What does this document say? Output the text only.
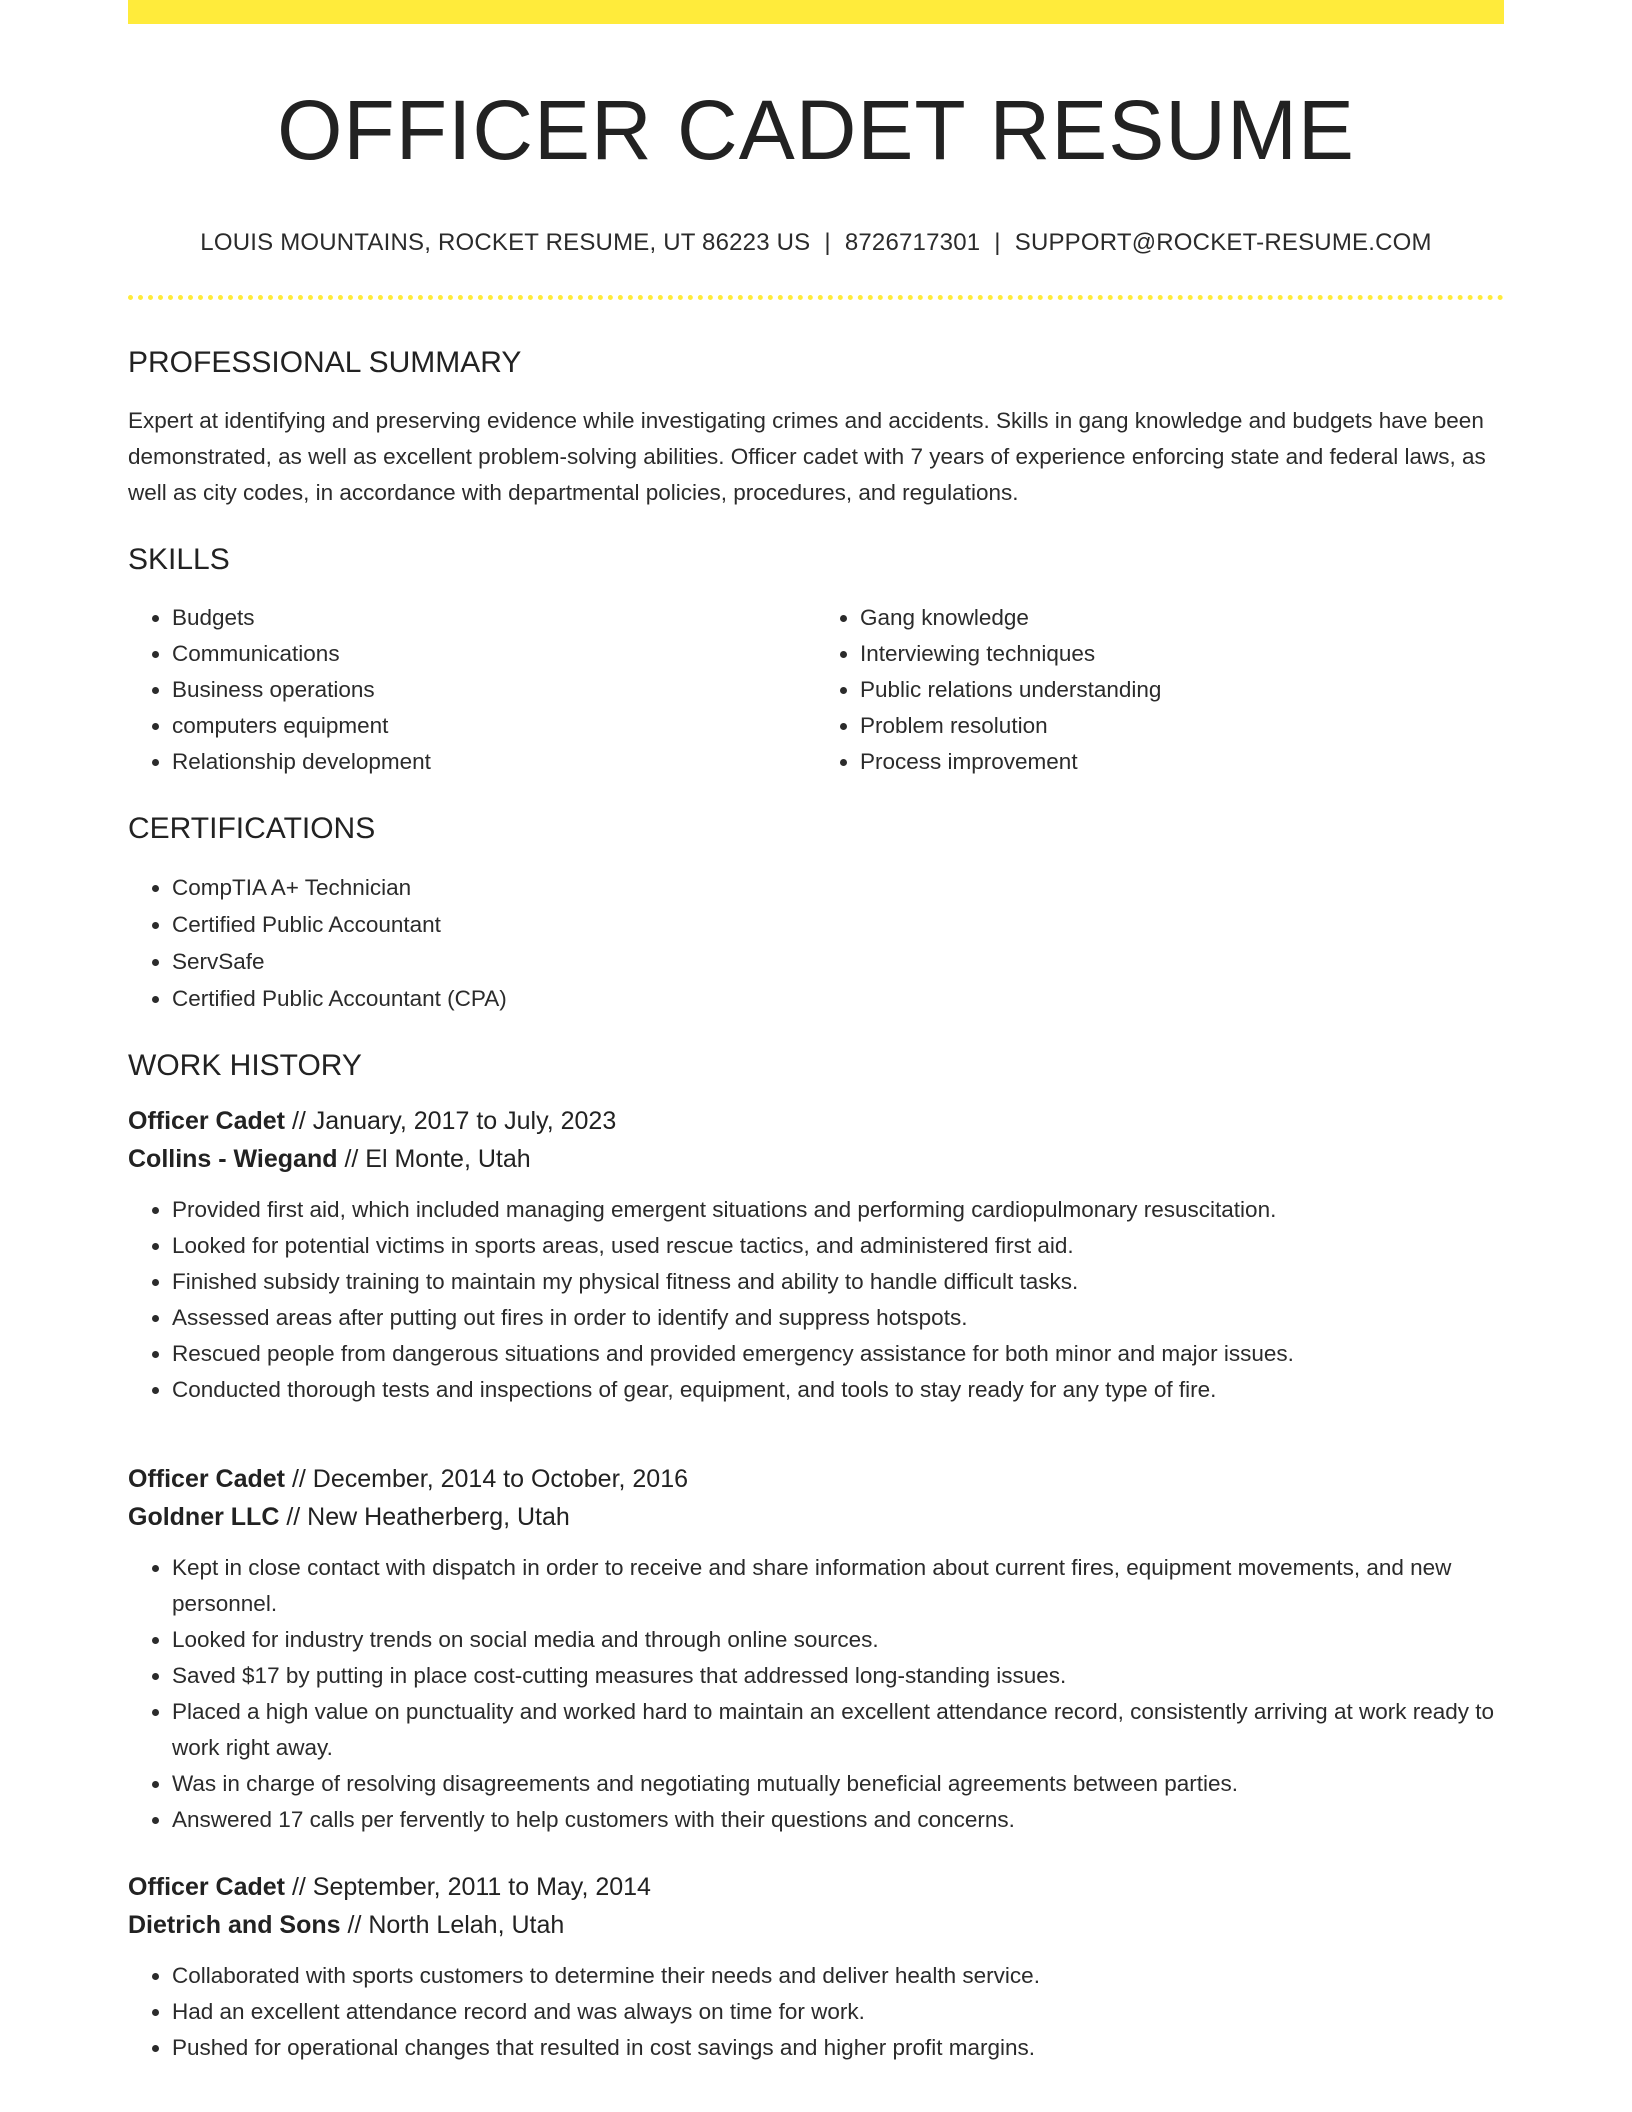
OFFICER CADET RESUME
LOUIS MOUNTAINS, ROCKET RESUME, UT 86223 US | 8726717301 | SUPPORT@ROCKET-RESUME.COM
PROFESSIONAL SUMMARY
Expert at identifying and preserving evidence while investigating crimes and accidents. Skills in gang knowledge and budgets have been demonstrated, as well as excellent problem-solving abilities. Officer cadet with 7 years of experience enforcing state and federal laws, as well as city codes, in accordance with departmental policies, procedures, and regulations.
SKILLS
• Budgets
• Communications
• Business operations
• computers equipment
• Relationship development
• Gang knowledge
• Interviewing techniques
• Public relations understanding
• Problem resolution
• Process improvement
CERTIFICATIONS
• CompTIA A+ Technician
• Certified Public Accountant
• ServSafe
• Certified Public Accountant (CPA)
WORK HISTORY
Officer Cadet // January, 2017 to July, 2023
Collins - Wiegand // El Monte, Utah
• Provided first aid, which included managing emergent situations and performing cardiopulmonary resuscitation.
• Looked for potential victims in sports areas, used rescue tactics, and administered first aid.
• Finished subsidy training to maintain my physical fitness and ability to handle difficult tasks.
• Assessed areas after putting out fires in order to identify and suppress hotspots.
• Rescued people from dangerous situations and provided emergency assistance for both minor and major issues.
• Conducted thorough tests and inspections of gear, equipment, and tools to stay ready for any type of fire.
Officer Cadet // December, 2014 to October, 2016
Goldner LLC // New Heatherberg, Utah
• Kept in close contact with dispatch in order to receive and share information about current fires, equipment movements, and new personnel.
• Looked for industry trends on social media and through online sources.
• Saved $17 by putting in place cost-cutting measures that addressed long-standing issues.
• Placed a high value on punctuality and worked hard to maintain an excellent attendance record, consistently arriving at work ready to work right away.
• Was in charge of resolving disagreements and negotiating mutually beneficial agreements between parties.
• Answered 17 calls per fervently to help customers with their questions and concerns.
Officer Cadet // September, 2011 to May, 2014
Dietrich and Sons // North Lelah, Utah
• Collaborated with sports customers to determine their needs and deliver health service.
• Had an excellent attendance record and was always on time for work.
• Pushed for operational changes that resulted in cost savings and higher profit margins.
